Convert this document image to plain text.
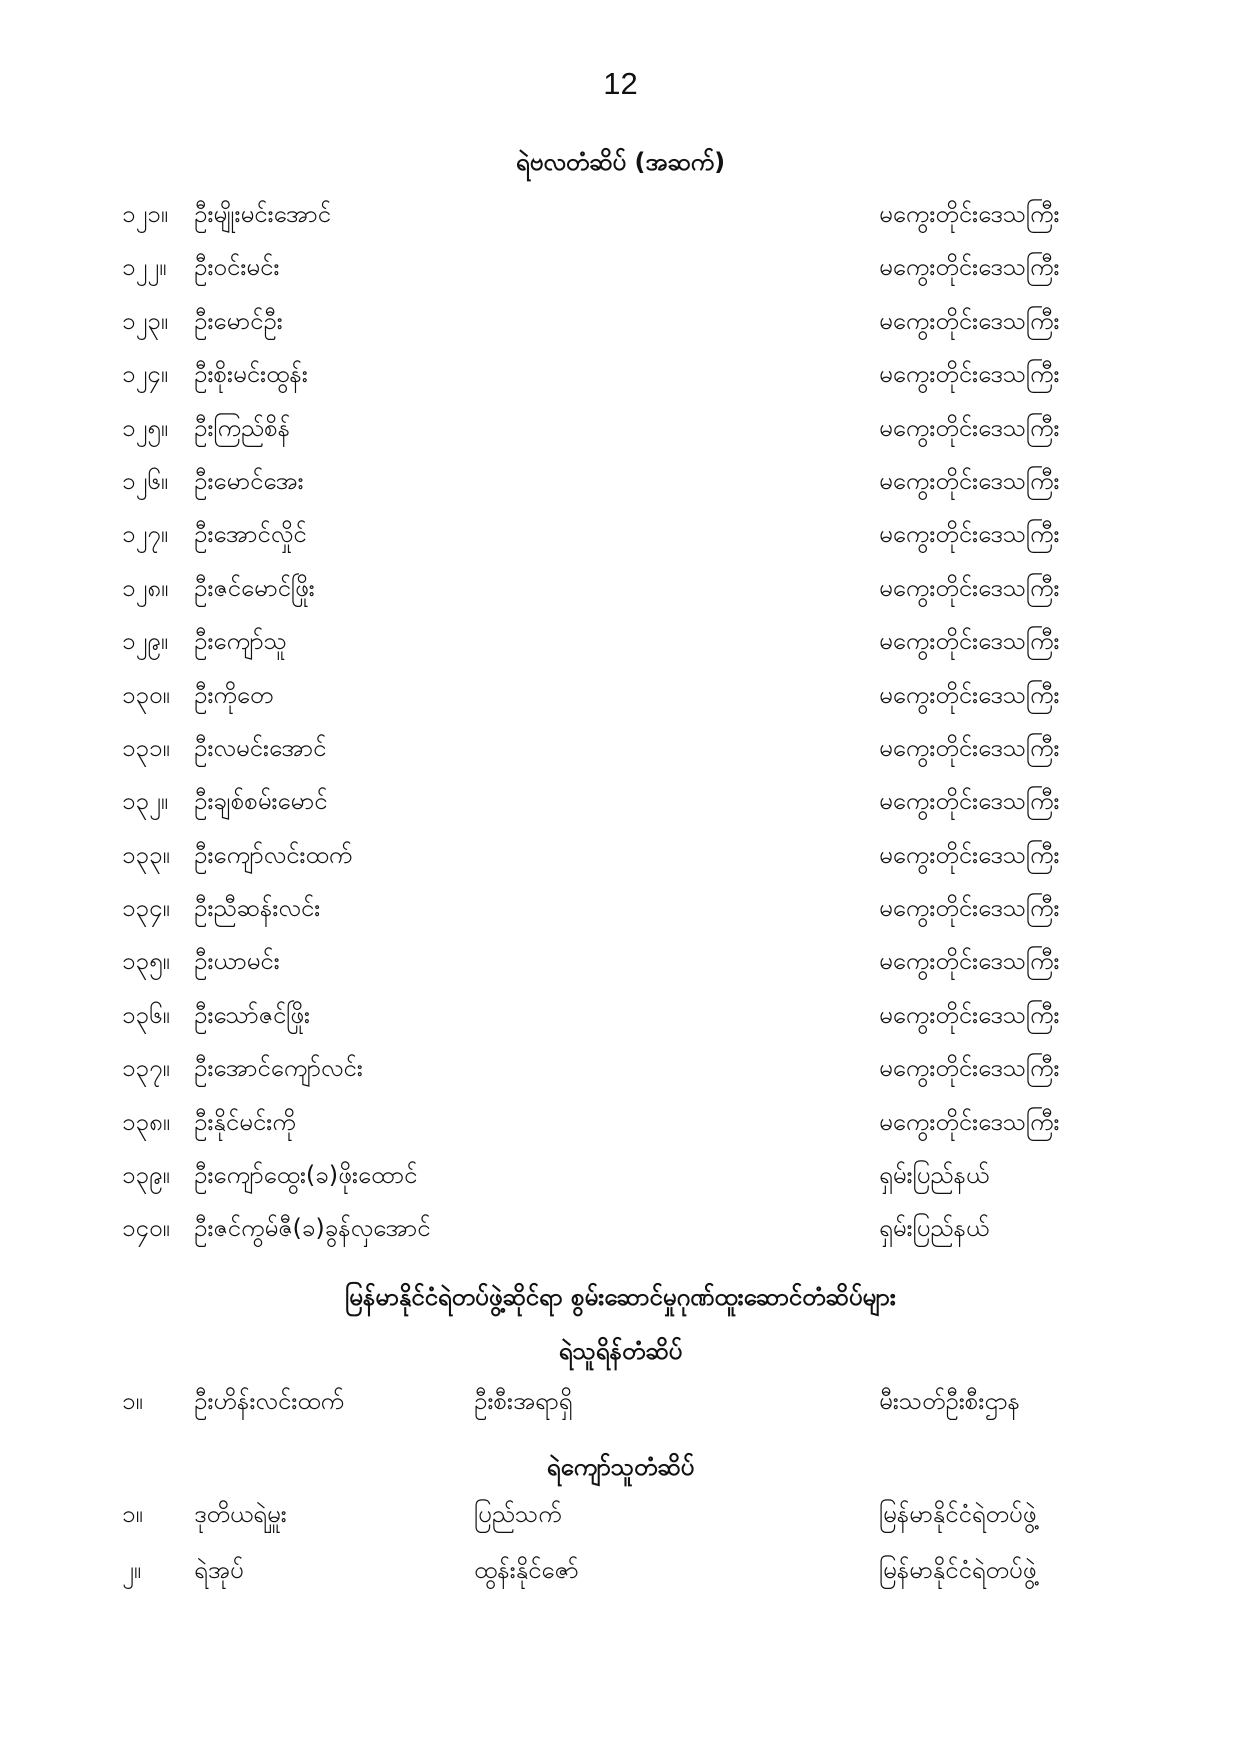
12
ရဲဗလတံဆိပ် (အဆက်)
၁၂၁။ ဦးမျိုးမင်းအောင်	မကွေးတိုင်းဒေသကြီး
၁၂၂။ ဦးဝင်းမင်း	မကွေးတိုင်းဒေသကြီး
၁၂၃။ ဦးမောင်ဦး	မကွေးတိုင်းဒေသကြီး
၁၂၄။ ဦးစိုးမင်းထွန်း	မကွေးတိုင်းဒေသကြီး
၁၂၅။ ဦးကြည်စိန်	မကွေးတိုင်းဒေသကြီး
၁၂၆။ ဦးမောင်အေး	မကွေးတိုင်းဒေသကြီး
၁၂၇။ ဦးအောင်လှိုင်	မကွေးတိုင်းဒေသကြီး
၁၂၈။ ဦးဇင်မောင်ဖြိုး	မကွေးတိုင်းဒေသကြီး
၁၂၉။ ဦးကျော်သူ	မကွေးတိုင်းဒေသကြီး
၁၃၀။ ဦးကိုတေ	မကွေးတိုင်းဒေသကြီး
၁၃၁။ ဦးလမင်းအောင်	မကွေးတိုင်းဒေသကြီး
၁၃၂။ ဦးချစ်စမ်းမောင်	မကွေးတိုင်းဒေသကြီး
၁၃၃။ ဦးကျော်လင်းထက်	မကွေးတိုင်းဒေသကြီး
၁၃၄။ ဦးညီဆန်းလင်း	မကွေးတိုင်းဒေသကြီး
၁၃၅။ ဦးယာမင်း	မကွေးတိုင်းဒေသကြီး
၁၃၆။ ဦးသော်ဇင်ဖြိုး	မကွေးတိုင်းဒေသကြီး
၁၃၇။ ဦးအောင်ကျော်လင်း	မကွေးတိုင်းဒေသကြီး
၁၃၈။ ဦးနိုင်မင်းကို	မကွေးတိုင်းဒေသကြီး
၁၃၉။ ဦးကျော်ထွေး(ခ)ဖိုးထောင်	ရှမ်းပြည်နယ်
၁၄၀။ ဦးဇင်ကွမ်ဇီ(ခ)ခွန်လှအောင်	ရှမ်းပြည်နယ်
မြန်မာနိုင်ငံရဲတပ်ဖွဲ့ဆိုင်ရာ စွမ်းဆောင်မှုဂုဏ်ထူးဆောင်တံဆိပ်များ
ရဲသူရိန်တံဆိပ်
၁။ ဦးဟိန်းလင်းထက်	ဦးစီးအရာရှိ	မီးသတ်ဦးစီးဌာန
ရဲကျော်သူတံဆိပ်
၁။ ဒုတိယရဲမှူး	ပြည်သက်	မြန်မာနိုင်ငံရဲတပ်ဖွဲ့
၂။ ရဲအုပ်	ထွန်းနိုင်ဇော်	မြန်မာနိုင်ငံရဲတပ်ဖွဲ့
